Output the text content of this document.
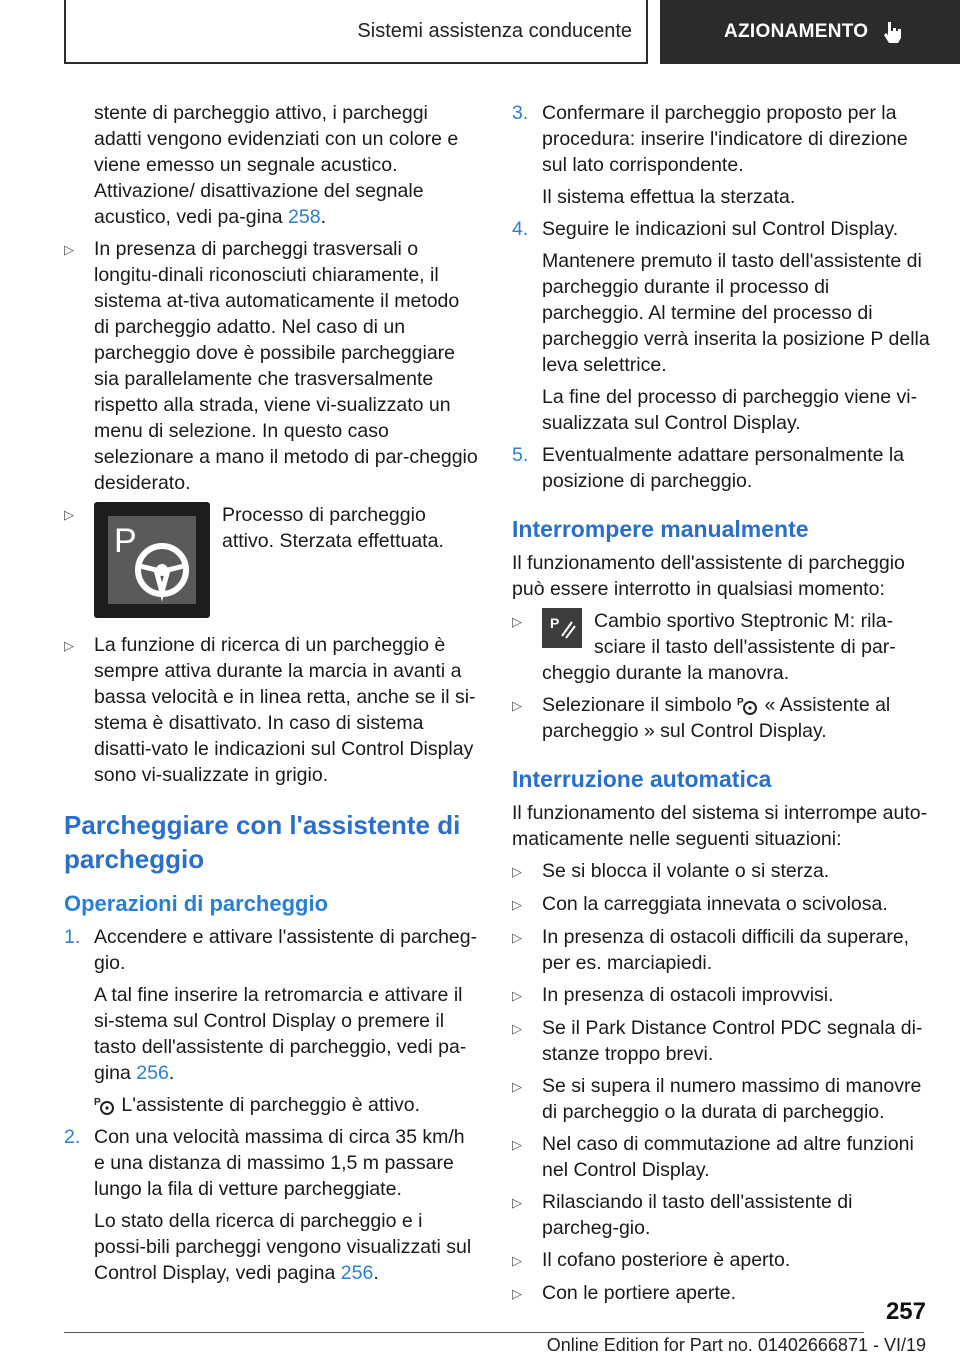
Sistemi assistenza conducente	AZIONAMENTO

stente di parcheggio attivo, i parcheggi adatti vengono evidenziati con un colore e viene emesso un segnale acustico. Attivazione/ disattivazione del segnale acustico, vedi pa-gina 258.

▷	In presenza di parcheggi trasversali o longitu-dinali riconosciuti chiaramente, il sistema at-tiva automaticamente il metodo di parcheggio adatto. Nel caso di un parcheggio dove è possibile parcheggiare sia parallelamente che trasversalmente rispetto alla strada, viene vi-sualizzato un menu di selezione. In questo caso selezionare a mano il metodo di par-cheggio desiderato.
▷
P
Processo di parcheggio attivo. Sterzata effettuata.
▷	La funzione di ricerca di un parcheggio è sempre attiva durante la marcia in avanti a bassa velocità e in linea retta, anche se il si-stema è disattivato. In caso di sistema disatti-vato le indicazioni sul Control Display sono vi-sualizzate in grigio.
Parcheggiare con l'assistente di parcheggio
Operazioni di parcheggio
1. Accendere e attivare l'assistente di parcheg-gio.

A tal fine inserire la retromarcia e attivare il si-stema sul Control Display o premere il tasto dell'assistente di parcheggio, vedi pa-gina 256.

P L'assistente di parcheggio è attivo.

2. Con una velocità massima di circa 35 km/h e una distanza di massimo 1,5 m passare lungo la fila di vetture parcheggiate.

Lo stato della ricerca di parcheggio e i possi-bili parcheggi vengono visualizzati sul Control Display, vedi pagina 256.

3. Confermare il parcheggio proposto per la procedura: inserire l'indicatore di direzione sul lato corrispondente.

Il sistema effettua la sterzata.

4. Seguire le indicazioni sul Control Display.

Mantenere premuto il tasto dell'assistente di parcheggio durante il processo di parcheggio. Al termine del processo di parcheggio verrà inserita la posizione P della leva selettrice.

La fine del processo di parcheggio viene vi-sualizzata sul Control Display.

5. Eventualmente adattare personalmente la posizione di parcheggio.
Interrompere manualmente

Il funzionamento dell'assistente di parcheggio può essere interrotto in qualsiasi momento:

▷	P Cambio sportivo Steptronic M: rila-sciare il tasto dell'assistente di par-cheggio durante la manovra.
▷	Selezionare il simbolo P « Assistente al parcheggio » sul Control Display.
Interruzione automatica

Il funzionamento del sistema si interrompe auto-maticamente nelle seguenti situazioni:

▷	Se si blocca il volante o si sterza.
▷	Con la carreggiata innevata o scivolosa.
▷	In presenza di ostacoli difficili da superare, per es. marciapiedi.
▷	In presenza di ostacoli improvvisi.
▷	Se il Park Distance Control PDC segnala di-stanze troppo brevi.
▷	Se si supera il numero massimo di manovre di parcheggio o la durata di parcheggio.
▷	Nel caso di commutazione ad altre funzioni nel Control Display.
▷	Rilasciando il tasto dell'assistente di parcheg-gio.
▷	Il cofano posteriore è aperto.
▷	Con le portiere aperte.
257
Online Edition for Part no. 01402666871 - VI/19
